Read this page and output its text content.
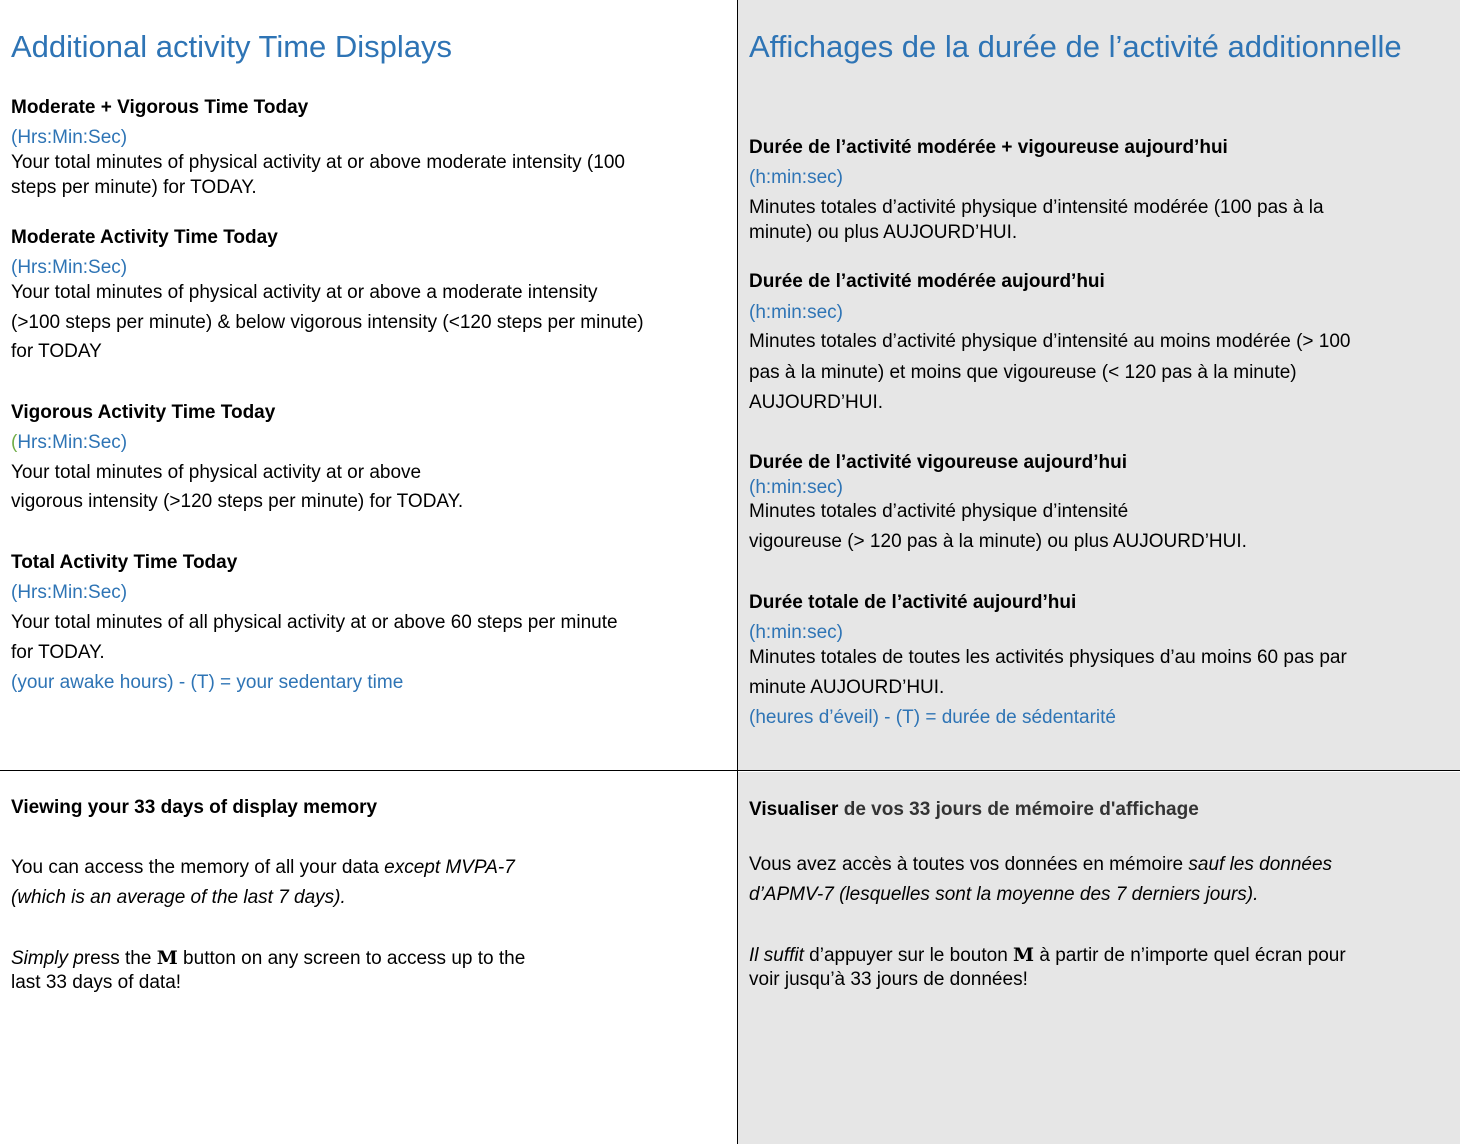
Additional activity Time Displays
Moderate + Vigorous Time Today
(Hrs:Min:Sec)
Your total minutes of physical activity at or above moderate intensity (100
steps per minute) for TODAY.
Moderate Activity Time Today
(Hrs:Min:Sec)
Your total minutes of physical activity at or above a moderate intensity
(>100 steps per minute) & below vigorous intensity (<120 steps per minute)
for TODAY
Vigorous Activity Time Today
(Hrs:Min:Sec)
Your total minutes of physical activity at or above
vigorous intensity (>120 steps per minute) for TODAY.
Total Activity Time Today
(Hrs:Min:Sec)
Your total minutes of all physical activity at or above 60 steps per minute
for TODAY.
(your awake hours) - (T) = your sedentary time
Affichages de la durée de l’activité additionnelle
Durée de l’activité modérée + vigoureuse aujourd’hui
(h:min:sec)
Minutes totales d’activité physique d’intensité modérée (100 pas à la
minute) ou plus AUJOURD’HUI.
Durée de l’activité modérée aujourd’hui
(h:min:sec)
Minutes totales d’activité physique d’intensité au moins modérée (> 100
pas à la minute) et moins que vigoureuse (< 120 pas à la minute)
AUJOURD’HUI.
Durée de l’activité vigoureuse aujourd’hui
(h:min:sec)
Minutes totales d’activité physique d’intensité
vigoureuse (> 120 pas à la minute) ou plus AUJOURD’HUI.
Durée totale de l’activité aujourd’hui
(h:min:sec)
Minutes totales de toutes les activités physiques d’au moins 60 pas par
minute AUJOURD’HUI.
(heures d’éveil) - (T) = durée de sédentarité
Viewing your 33 days of display memory
You can access the memory of all your data except MVPA-7
(which is an average of the last 7 days).
Simply press the M button on any screen to access up to the
last 33 days of data!
Visualiser de vos 33 jours de mémoire d'affichage
Vous avez accès à toutes vos données en mémoire sauf les données
d’APMV-7 (lesquelles sont la moyenne des 7 derniers jours).
Il suffit d’appuyer sur le bouton M à partir de n’importe quel écran pour
voir jusqu’à 33 jours de données!
